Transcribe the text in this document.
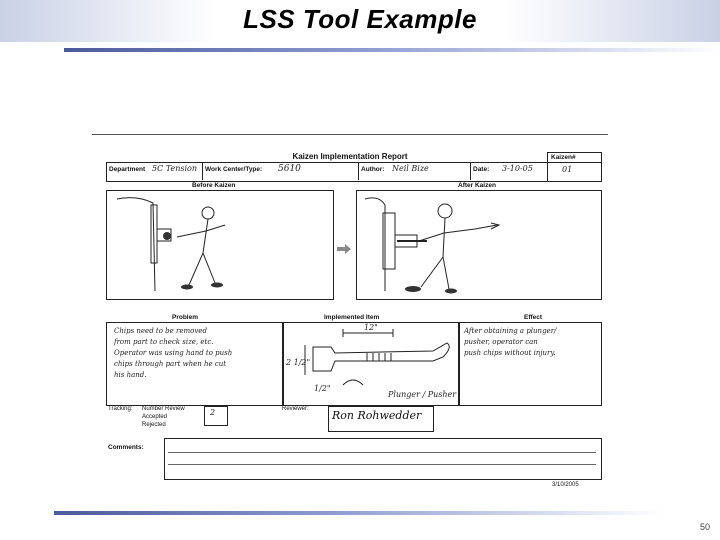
LSS Tool Example
Kaizen Implementation Report
Department 5C Tension Work Center/Type: 5610	Author: Neil Bize	Date: 3-10-05
Kaizen#
01
Before Kaizen	After Kaizen
Problem	Implemented Item	Effect
Chips need to be removed
from part to check size, etc.
Operator was using hand to push
chips through part when he cut
his hand.
12"
2 1/2"
1/2"
Plunger / Pusher
After obtaining a plunger/
pusher, operator can
push chips without injury.
Tracking: Number Review
Accepted
Rejected
2	Reviewer: Ron Rohwedder
Comments:
3/10/2005
50
